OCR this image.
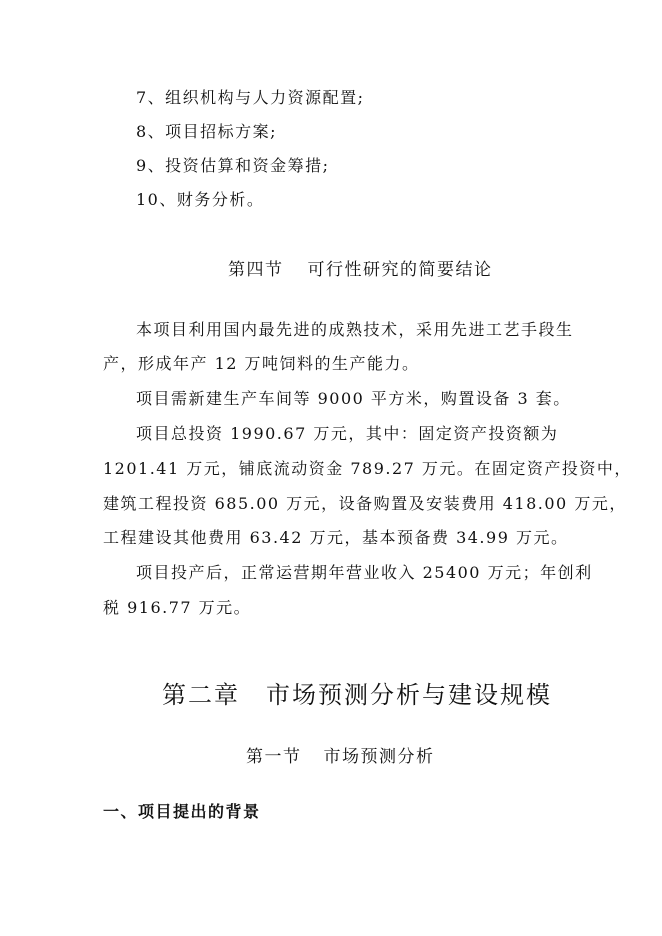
7、组织机构与人力资源配置;

8、项目招标方案;

9、投资估算和资金筹措;

10、财务分析。

第四节 可行性研究的简要结论

本项目利用国内最先进的成熟技术，采用先进工艺手段生

产，形成年产 12 万吨饲料的生产能力。

项目需新建生产车间等 9000 平方米，购置设备 3 套。

项目总投资 1990.67 万元，其中：固定资产投资额为

1201.41 万元，铺底流动资金 789.27 万元。在固定资产投资中，

建筑工程投资 685.00 万元，设备购置及安装费用 418.00 万元，

工程建设其他费用 63.42 万元，基本预备费 34.99 万元。

项目投产后，正常运营期年营业收入 25400 万元；年创利

税 916.77 万元。

第二章 市场预测分析与建设规模

第一节 市场预测分析

一、项目提出的背景
